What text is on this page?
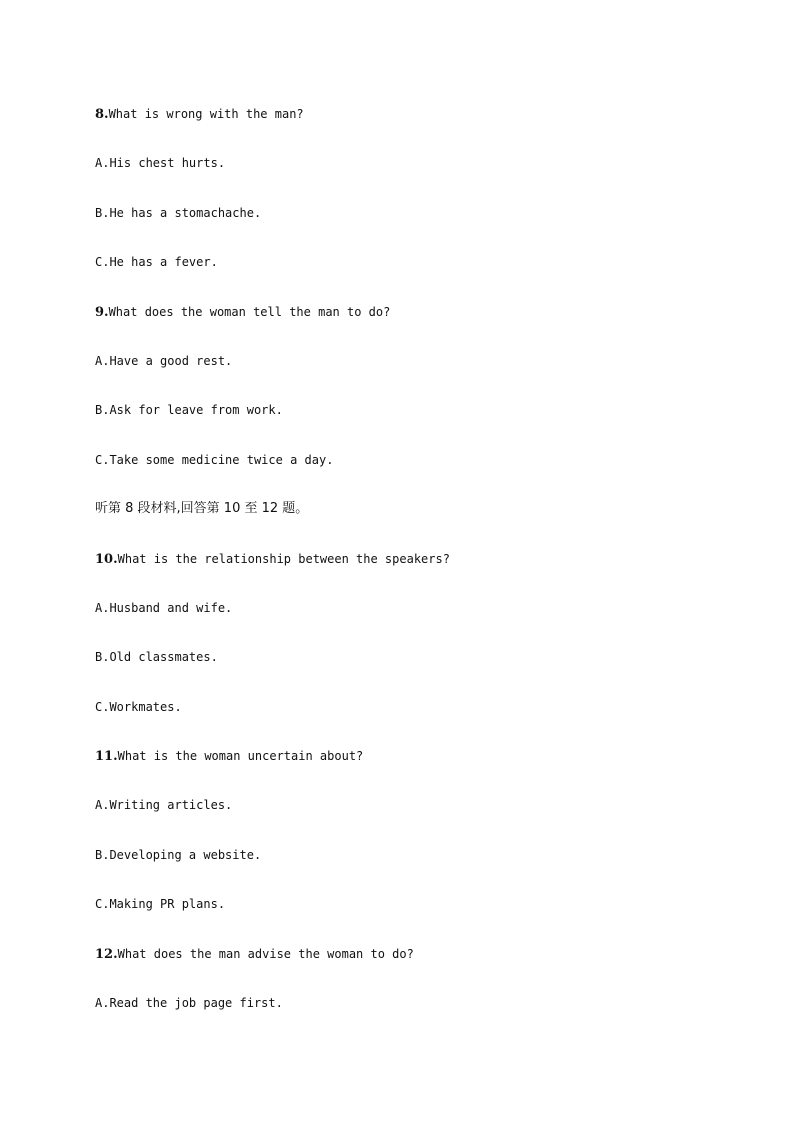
8.What is wrong with the man?
A.His chest hurts.
B.He has a stomachache.
C.He has a fever.
9.What does the woman tell the man to do?
A.Have a good rest.
B.Ask for leave from work.
C.Take some medicine twice a day.
听第 8 段材料,回答第 10 至 12 题。
10.What is the relationship between the speakers?
A.Husband and wife.
B.Old classmates.
C.Workmates.
11.What is the woman uncertain about?
A.Writing articles.
B.Developing a website.
C.Making PR plans.
12.What does the man advise the woman to do?
A.Read the job page first.
